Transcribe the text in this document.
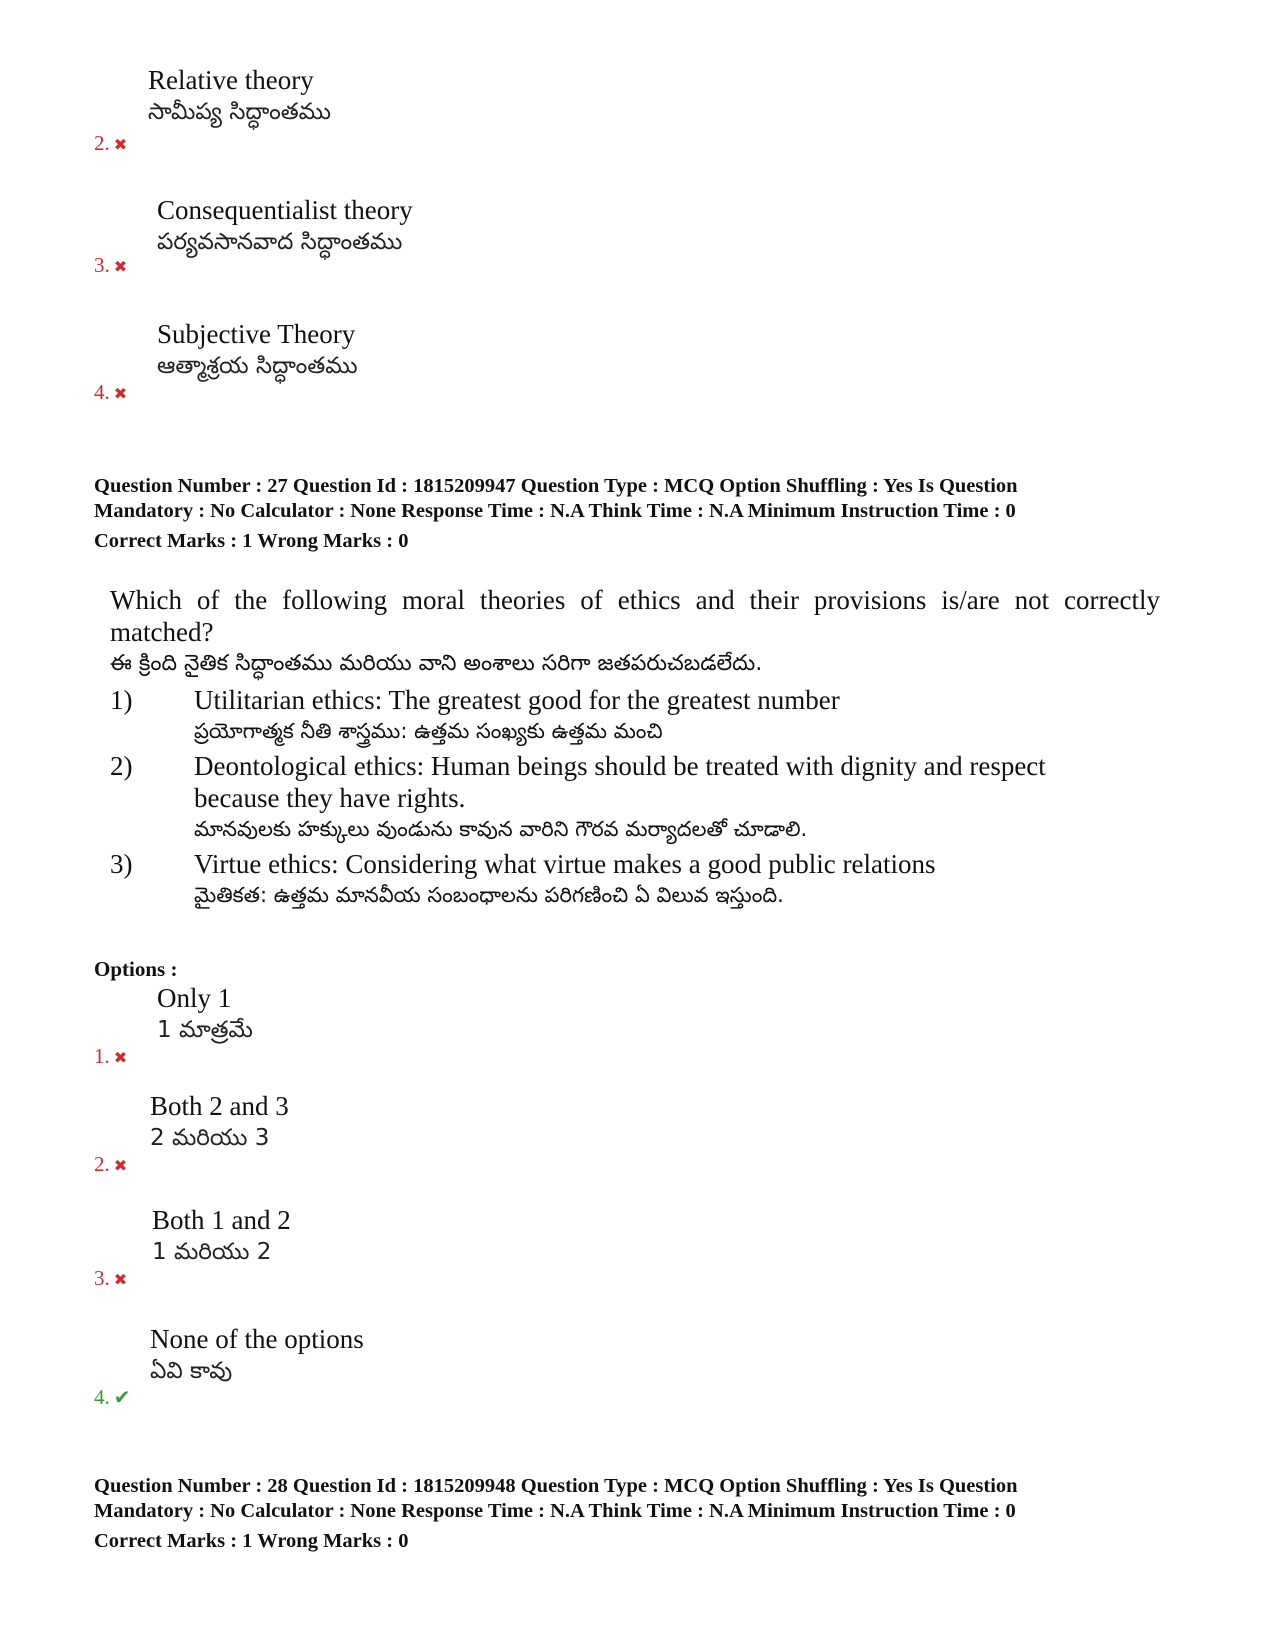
Relative theory
సామీప్య సిద్ధాంతము
2. ✖
Consequentialist theory
పర్యవసానవాద సిద్ధాంతము
3. ✖
Subjective Theory
ఆత్మాశ్రయ సిద్ధాంతము
4. ✖
Question Number : 27 Question Id : 1815209947 Question Type : MCQ Option Shuffling : Yes Is Question
Mandatory : No Calculator : None Response Time : N.A Think Time : N.A Minimum Instruction Time : 0
Correct Marks : 1 Wrong Marks : 0
Which of the following moral theories of ethics and their provisions is/are not correctly matched?
ఈ క్రింది నైతిక సిద్ధాంతము మరియు వాని అంశాలు సరిగా జతపరుచబడలేదు.
1)	Utilitarian ethics: The greatest good for the greatest number
ప్రయోగాత్మక నీతి శాస్త్రము: ఉత్తమ సంఖ్యకు ఉత్తమ మంచి
2)	Deontological ethics: Human beings should be treated with dignity and respect because they have rights.
మానవులకు హక్కులు వుండును కావున వారిని గౌరవ మర్యాదలతో చూడాలి.
3)	Virtue ethics: Considering what virtue makes a good public relations
మైతికత: ఉత్తమ మానవీయ సంబంధాలను పరిగణించి ఏ విలువ ఇస్తుంది.
Options :
Only 1
1 మాత్రమే
1. ✖
Both 2 and 3
2 మరియు 3
2. ✖
Both 1 and 2
1 మరియు 2
3. ✖
None of the options
ఏవి కావు
4. ✔
Question Number : 28 Question Id : 1815209948 Question Type : MCQ Option Shuffling : Yes Is Question
Mandatory : No Calculator : None Response Time : N.A Think Time : N.A Minimum Instruction Time : 0
Correct Marks : 1 Wrong Marks : 0
